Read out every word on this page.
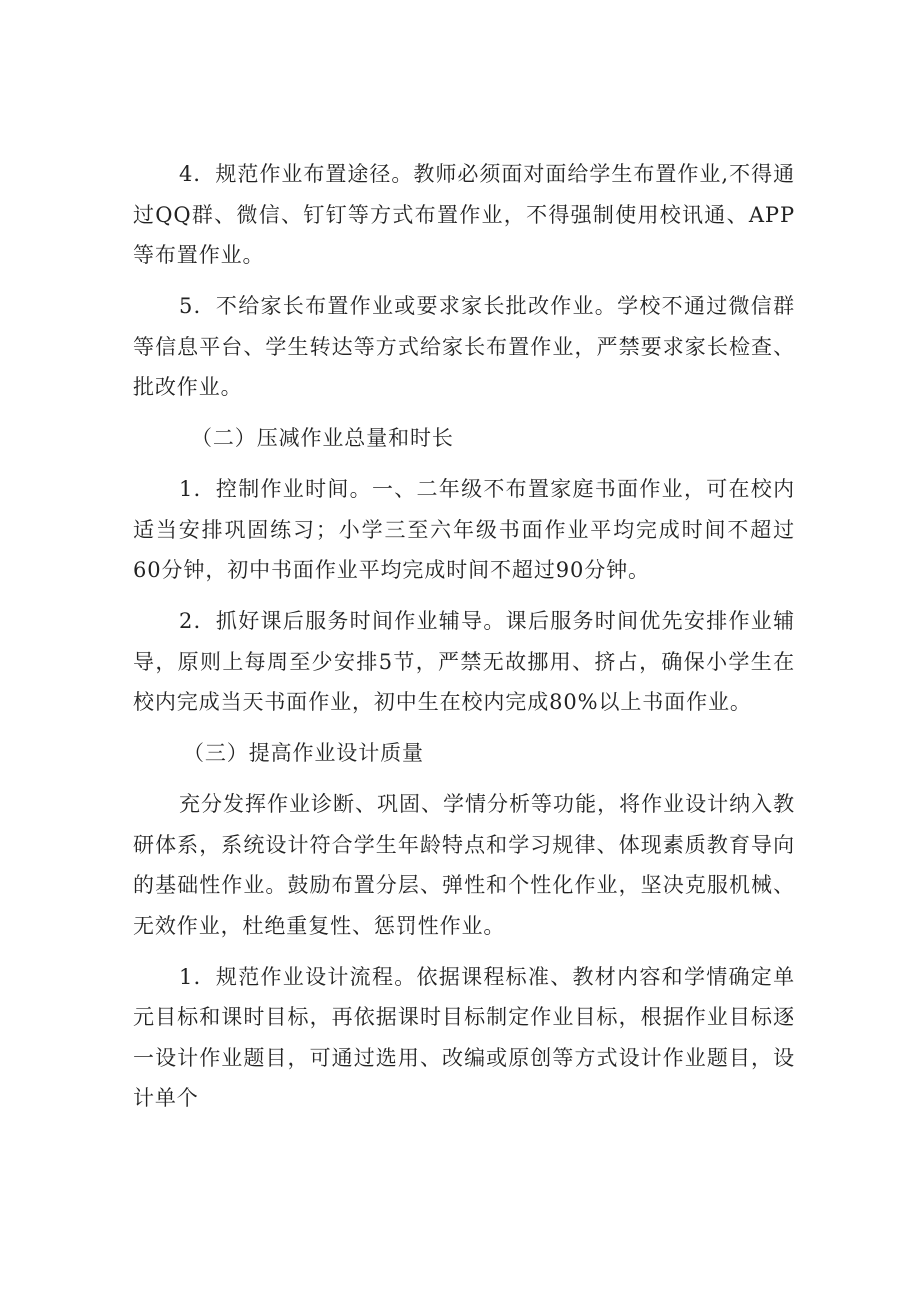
4．规范作业布置途径。教师必须面对面给学生布置作业,不得通过QQ群、微信、钉钉等方式布置作业，不得强制使用校讯通、APP等布置作业。

5．不给家长布置作业或要求家长批改作业。学校不通过微信群等信息平台、学生转达等方式给家长布置作业，严禁要求家长检查、批改作业。

（二）压减作业总量和时长

1．控制作业时间。一、二年级不布置家庭书面作业，可在校内适当安排巩固练习；小学三至六年级书面作业平均完成时间不超过60分钟，初中书面作业平均完成时间不超过90分钟。

2．抓好课后服务时间作业辅导。课后服务时间优先安排作业辅导，原则上每周至少安排5节，严禁无故挪用、挤占，确保小学生在校内完成当天书面作业，初中生在校内完成80%以上书面作业。

（三）提高作业设计质量

充分发挥作业诊断、巩固、学情分析等功能，将作业设计纳入教研体系，系统设计符合学生年龄特点和学习规律、体现素质教育导向的基础性作业。鼓励布置分层、弹性和个性化作业，坚决克服机械、无效作业，杜绝重复性、惩罚性作业。

1．规范作业设计流程。依据课程标准、教材内容和学情确定单元目标和课时目标，再依据课时目标制定作业目标，根据作业目标逐一设计作业题目，可通过选用、改编或原创等方式设计作业题目，设计单个
